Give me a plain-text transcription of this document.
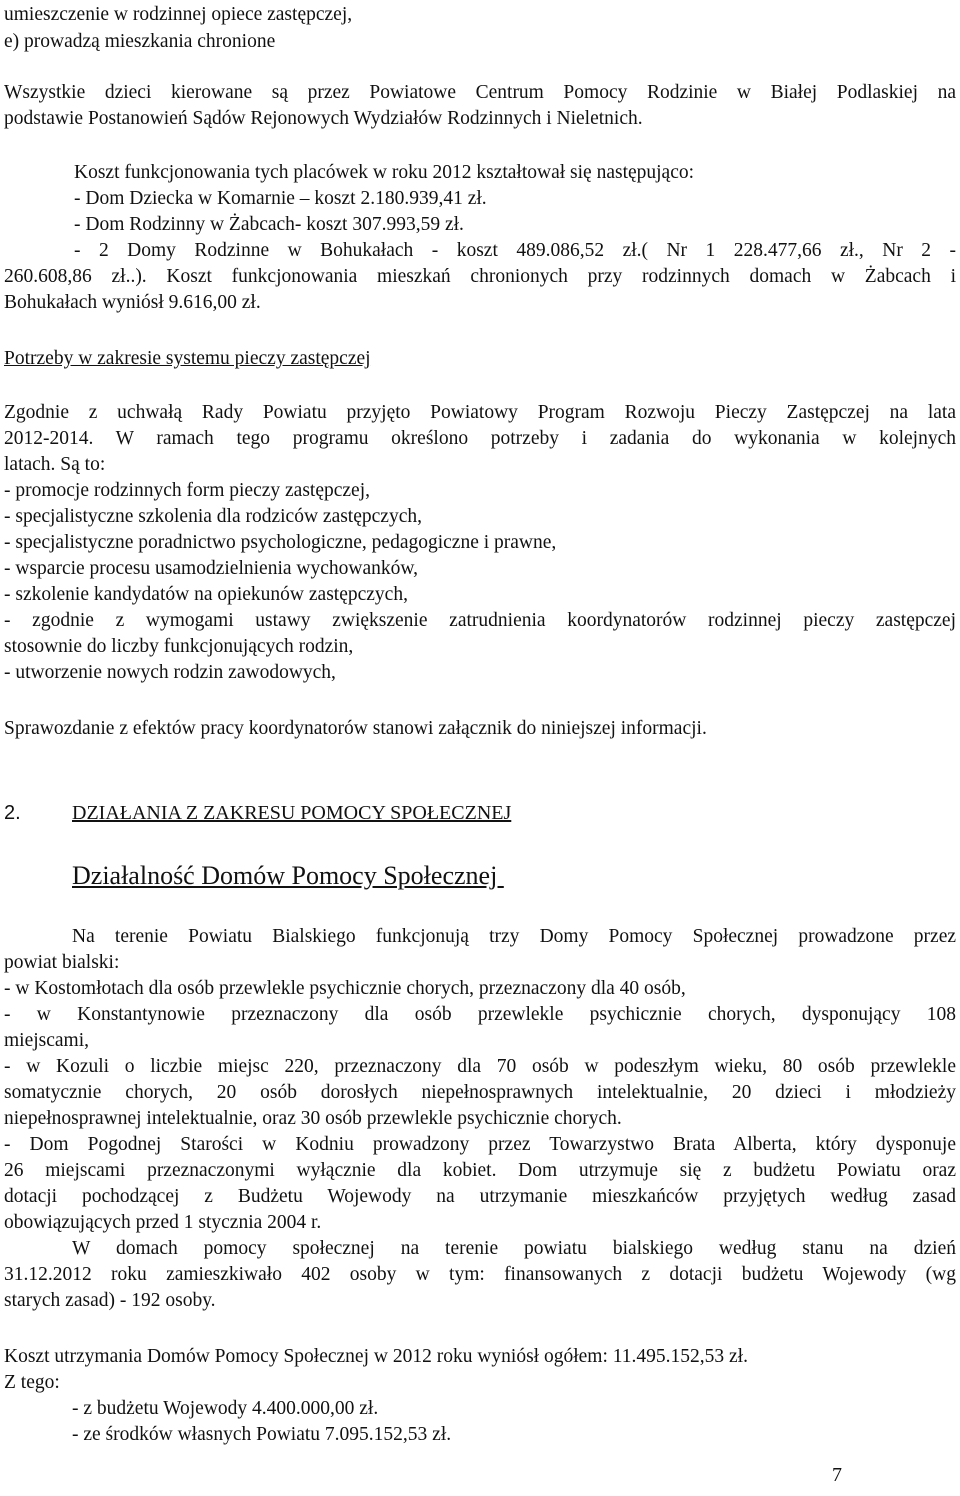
umieszczenie w rodzinnej opiece zastępczej,
e) prowadzą mieszkania chronione
Wszystkie dzieci kierowane są przez Powiatowe Centrum Pomocy Rodzinie w Białej Podlaskiej na
podstawie Postanowień Sądów Rejonowych Wydziałów Rodzinnych i Nieletnich.
Koszt funkcjonowania tych placówek w roku 2012 kształtował się następująco:
- Dom Dziecka w Komarnie – koszt 2.180.939,41 zł.
- Dom Rodzinny w Żabcach- koszt 307.993,59 zł.
- 2 Domy Rodzinne w Bohukałach - koszt 489.086,52 zł.( Nr 1 228.477,66 zł., Nr 2 -
260.608,86 zł..). Koszt funkcjonowania mieszkań chronionych przy rodzinnych domach w Żabcach i
Bohukałach wyniósł 9.616,00 zł.
Potrzeby w zakresie systemu pieczy zastępczej
Zgodnie z uchwałą Rady Powiatu przyjęto Powiatowy Program Rozwoju Pieczy Zastępczej na lata
2012-2014. W ramach tego programu określono potrzeby i zadania do wykonania w kolejnych
latach. Są to:
- promocje rodzinnych form pieczy zastępczej,
- specjalistyczne szkolenia dla rodziców zastępczych,
- specjalistyczne poradnictwo psychologiczne, pedagogiczne i prawne,
- wsparcie procesu usamodzielnienia wychowanków,
- szkolenie kandydatów na opiekunów zastępczych,
- zgodnie z wymogami ustawy zwiększenie zatrudnienia koordynatorów rodzinnej pieczy zastępczej
stosownie do liczby funkcjonujących rodzin,
- utworzenie nowych rodzin zawodowych,
Sprawozdanie z efektów pracy koordynatorów stanowi załącznik do niniejszej informacji.
2.	DZIAŁANIA Z ZAKRESU POMOCY SPOŁECZNEJ
Działalność Domów Pomocy Społecznej
Na terenie Powiatu Bialskiego funkcjonują trzy Domy Pomocy Społecznej prowadzone przez
powiat bialski:
- w Kostomłotach dla osób przewlekle psychicznie chorych, przeznaczony dla 40 osób,
- w Konstantynowie przeznaczony dla osób przewlekle psychicznie chorych, dysponujący 108
miejscami,
- w Kozuli o liczbie miejsc 220, przeznaczony dla 70 osób w podeszłym wieku, 80 osób przewlekle
somatycznie chorych, 20 osób dorosłych niepełnosprawnych intelektualnie, 20 dzieci i młodzieży
niepełnosprawnej intelektualnie, oraz 30 osób przewlekle psychicznie chorych.
- Dom Pogodnej Starości w Kodniu prowadzony przez Towarzystwo Brata Alberta, który dysponuje
26 miejscami przeznaczonymi wyłącznie dla kobiet. Dom utrzymuje się z budżetu Powiatu oraz
dotacji pochodzącej z Budżetu Wojewody na utrzymanie mieszkańców przyjętych według zasad
obowiązujących przed 1 stycznia 2004 r.
W domach pomocy społecznej na terenie powiatu bialskiego według stanu na dzień
31.12.2012 roku zamieszkiwało 402 osoby w tym: finansowanych z dotacji budżetu Wojewody (wg
starych zasad) - 192 osoby.
Koszt utrzymania Domów Pomocy Społecznej w 2012 roku wyniósł ogółem: 11.495.152,53 zł.
Z tego:
- z budżetu Wojewody 4.400.000,00 zł.
- ze środków własnych Powiatu 7.095.152,53 zł.
7
